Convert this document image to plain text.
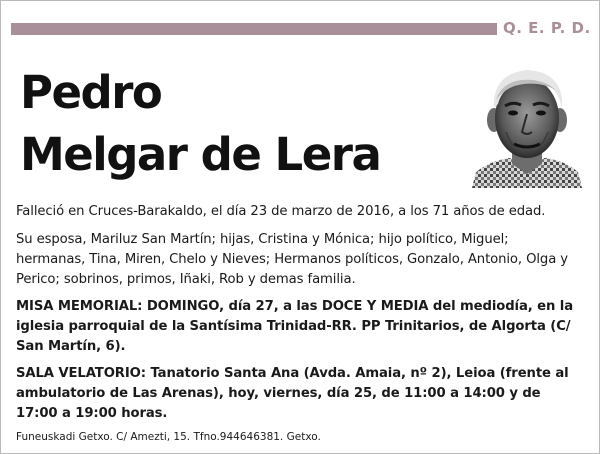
Q. E. P. D.
Pedro
Melgar de Lera
Falleció en Cruces-Barakaldo, el día 23 de marzo de 2016, a los 71 años de edad.
Su esposa, Mariluz San Martín; hijas, Cristina y Mónica; hijo político, Miguel; hermanas, Tina, Miren, Chelo y Nieves; Hermanos políticos, Gonzalo, Antonio, Olga y Perico; sobrinos, primos, Iñaki, Rob y demas familia.
MISA MEMORIAL: DOMINGO, día 27, a las DOCE Y MEDIA del mediodía, en la iglesia parroquial de la Santísima Trinidad-RR. PP Trinitarios, de Algorta (C/ San Martín, 6).
SALA VELATORIO: Tanatorio Santa Ana (Avda. Amaia, nº 2), Leioa (frente al ambulatorio de Las Arenas), hoy, viernes, día 25, de 11:00 a 14:00 y de 17:00 a 19:00 horas.
Funeuskadi Getxo. C/ Amezti, 15. Tfno.944646381. Getxo.
